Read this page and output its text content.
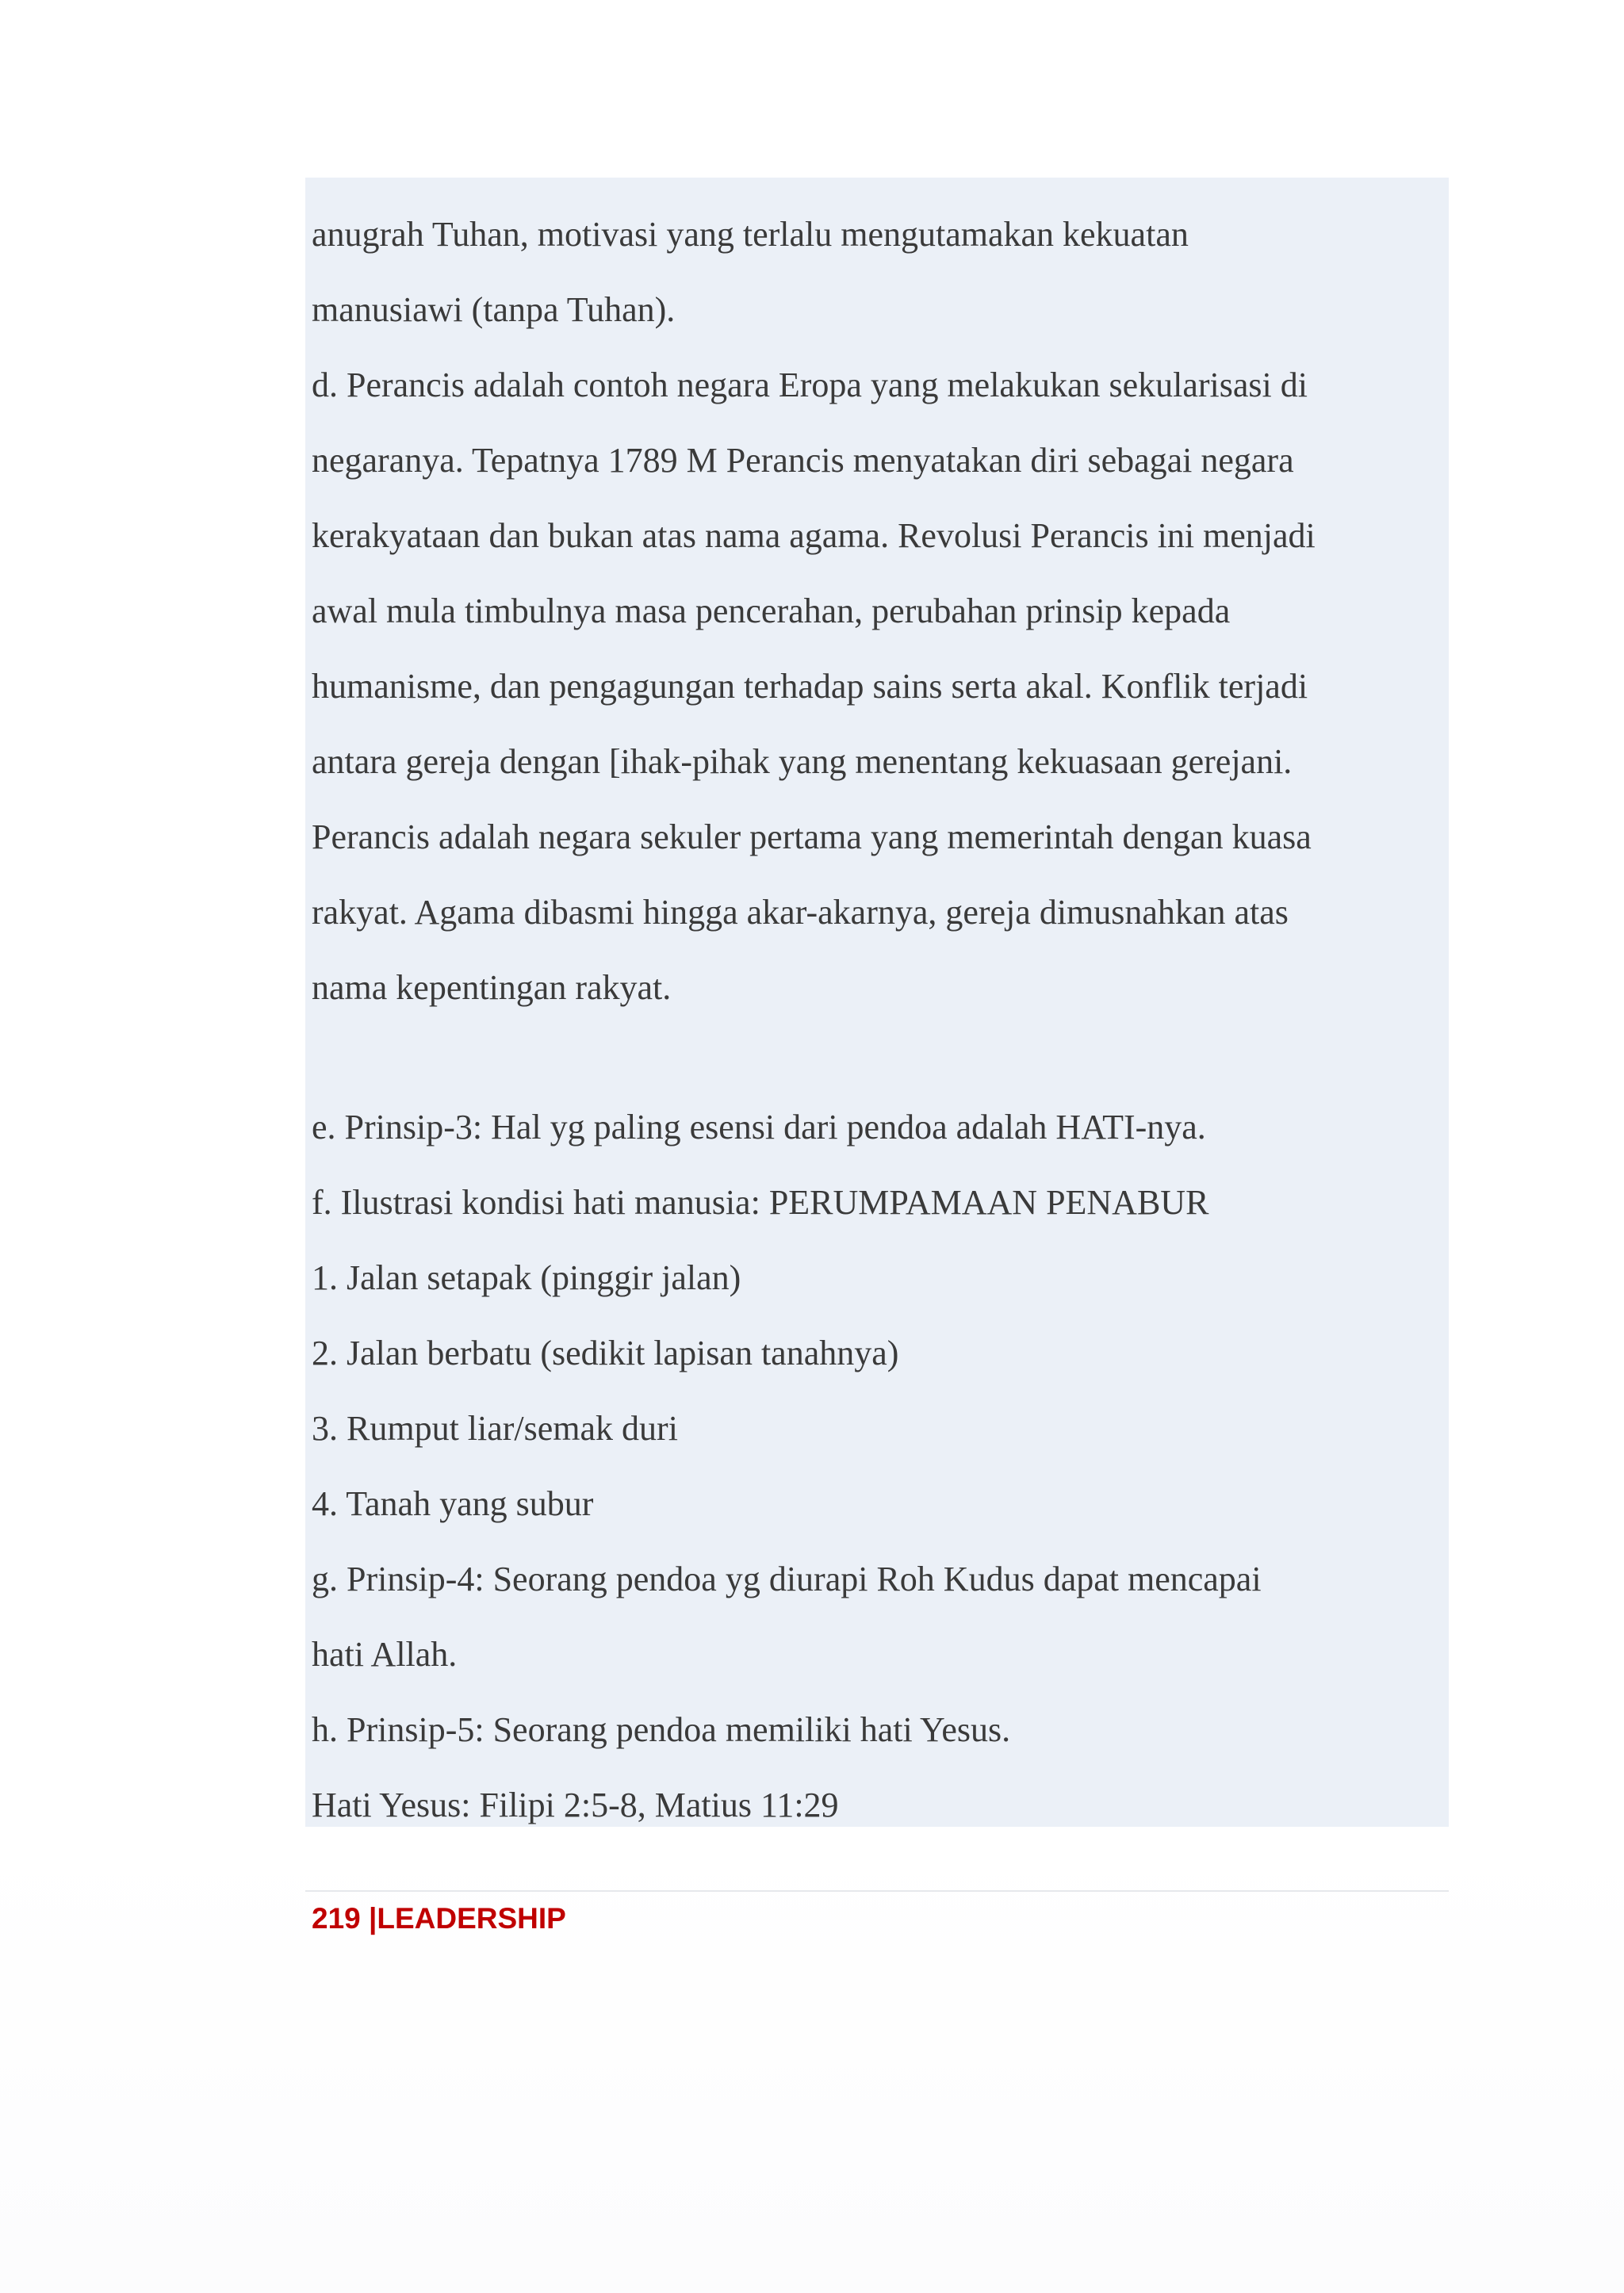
anugrah Tuhan, motivasi yang terlalu mengutamakan kekuatan
manusiawi (tanpa Tuhan).
d. Perancis adalah contoh negara Eropa yang melakukan sekularisasi di
negaranya. Tepatnya 1789 M Perancis menyatakan diri sebagai negara
kerakyataan dan bukan atas nama agama. Revolusi Perancis ini menjadi
awal mula timbulnya masa pencerahan, perubahan prinsip kepada
humanisme, dan pengagungan terhadap sains serta akal. Konflik terjadi
antara gereja dengan [ihak-pihak yang menentang kekuasaan gerejani.
Perancis adalah negara sekuler pertama yang memerintah dengan kuasa
rakyat. Agama dibasmi hingga akar-akarnya, gereja dimusnahkan atas
nama kepentingan rakyat.
e. Prinsip-3: Hal yg paling esensi dari pendoa adalah HATI-nya.
f. Ilustrasi kondisi hati manusia: PERUMPAMAAN PENABUR
1. Jalan setapak (pinggir jalan)
2. Jalan berbatu (sedikit lapisan tanahnya)
3. Rumput liar/semak duri
4. Tanah yang subur
g. Prinsip-4: Seorang pendoa yg diurapi Roh Kudus dapat mencapai
hati Allah.
h. Prinsip-5: Seorang pendoa memiliki hati Yesus.
Hati Yesus: Filipi 2:5-8, Matius 11:29
219 |LEADERSHIP
